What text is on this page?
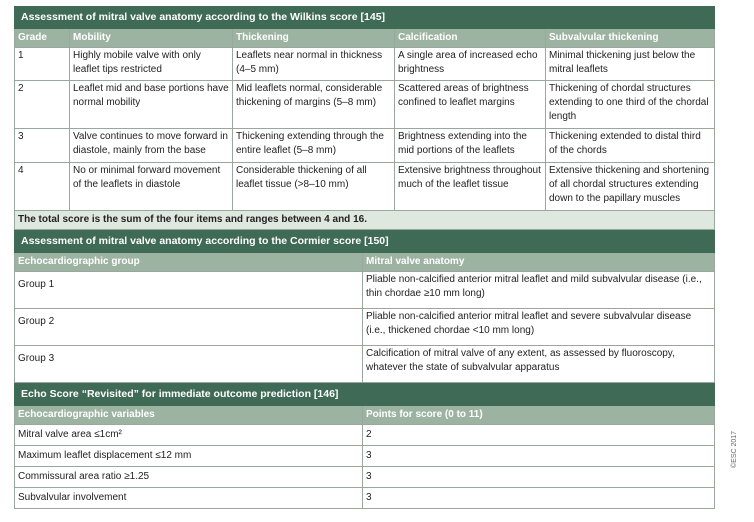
Assessment of mitral valve anatomy according to the Wilkins score [145]				
Grade	Mobility	Thickening	Calcification	Subvalvular thickening
1	Highly mobile valve with only leaflet tips restricted	Leaflets near normal in thickness (4–5 mm)	A single area of increased echo brightness	Minimal thickening just below the mitral leaflets
2	Leaflet mid and base portions have normal mobility	Mid leaflets normal, considerable thickening of margins (5–8 mm)	Scattered areas of brightness confined to leaflet margins	Thickening of chordal structures extending to one third of the chordal length
3	Valve continues to move forward in diastole, mainly from the base	Thickening extending through the entire leaflet (5–8 mm)	Brightness extending into the mid portions of the leaflets	Thickening extended to distal third of the chords
4	No or minimal forward movement of the leaflets in diastole	Considerable thickening of all leaflet tissue (>8–10 mm)	Extensive brightness throughout much of the leaflet tissue	Extensive thickening and shortening of all chordal structures extending down to the papillary muscles
The total score is the sum of the four items and ranges between 4 and 16.				
Assessment of mitral valve anatomy according to the Cormier score [150]	
Echocardiographic group	Mitral valve anatomy
Group 1	Pliable non-calcified anterior mitral leaflet and mild subvalvular disease (i.e., thin chordae ≥10 mm long)
Group 2	Pliable non-calcified anterior mitral leaflet and severe subvalvular disease (i.e., thickened chordae <10 mm long)
Group 3	Calcification of mitral valve of any extent, as assessed by fluoroscopy, whatever the state of subvalvular apparatus
Echo Score “Revisited” for immediate outcome prediction [146]	
Echocardiographic variables	Points for score (0 to 11)
Mitral valve area ≤1cm²	2
Maximum leaflet displacement ≤12 mm	3
Commissural area ratio ≥1.25	3
Subvalvular involvement	3
©ESC 2017
